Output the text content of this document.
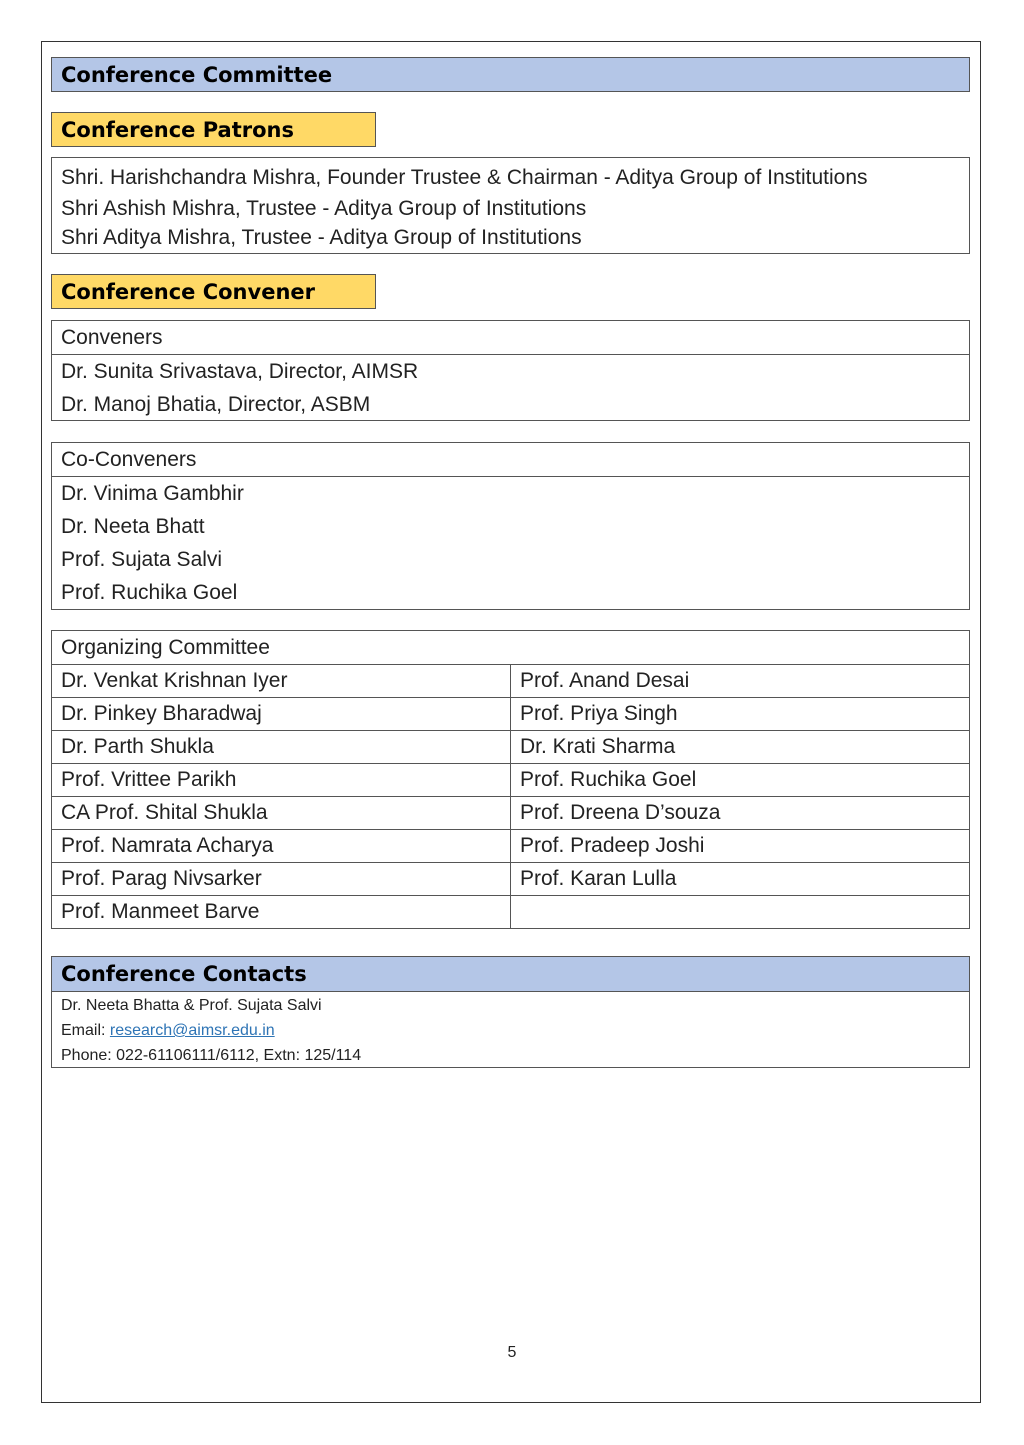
Conference Committee
Conference Patrons
Shri. Harishchandra Mishra, Founder Trustee & Chairman - Aditya Group of Institutions
Shri Ashish Mishra, Trustee - Aditya Group of Institutions
Shri Aditya Mishra, Trustee - Aditya Group of Institutions
Conference Convener
Conveners
Dr. Sunita Srivastava, Director, AIMSR
Dr. Manoj Bhatia, Director, ASBM
Co-Conveners
Dr. Vinima Gambhir
Dr. Neeta Bhatt
Prof. Sujata Salvi
Prof. Ruchika Goel
Organizing Committee	
Dr. Venkat Krishnan Iyer	Prof. Anand Desai
Dr. Pinkey Bharadwaj	Prof. Priya Singh
Dr. Parth Shukla	Dr. Krati Sharma
Prof. Vrittee Parikh	Prof. Ruchika Goel
CA Prof. Shital Shukla	Prof. Dreena D’souza
Prof. Namrata Acharya	Prof. Pradeep Joshi
Prof. Parag Nivsarker	Prof. Karan Lulla
Prof. Manmeet Barve	
Conference Contacts
Dr. Neeta Bhatta & Prof. Sujata Salvi
Email: research@aimsr.edu.in
Phone: 022-61106111/6112, Extn: 125/114
5
